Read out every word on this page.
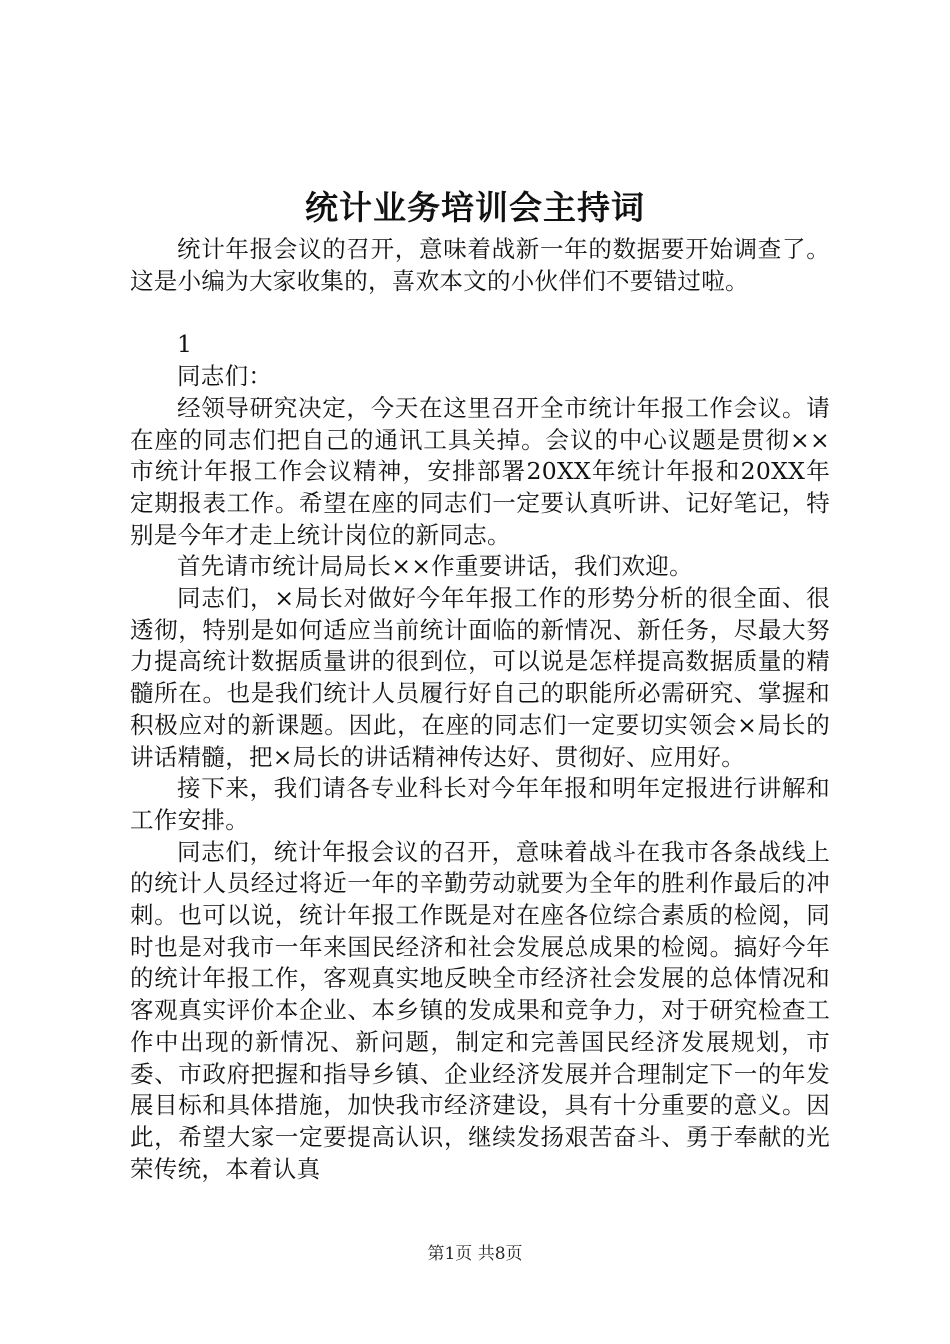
统计业务培训会主持词

统计年报会议的召开，意味着战新一年的数据要开始调查了。这是小编为大家收集的，喜欢本文的小伙伴们不要错过啦。

1

同志们：

经领导研究决定，今天在这里召开全市统计年报工作会议。请在座的同志们把自己的通讯工具关掉。会议的中心议题是贯彻××市统计年报工作会议精神，安排部署20XX年统计年报和20XX年定期报表工作。希望在座的同志们一定要认真听讲、记好笔记，特别是今年才走上统计岗位的新同志。

首先请市统计局局长××作重要讲话，我们欢迎。

同志们，×局长对做好今年年报工作的形势分析的很全面、很透彻，特别是如何适应当前统计面临的新情况、新任务，尽最大努力提高统计数据质量讲的很到位，可以说是怎样提高数据质量的精髓所在。也是我们统计人员履行好自己的职能所必需研究、掌握和积极应对的新课题。因此，在座的同志们一定要切实领会×局长的讲话精髓，把×局长的讲话精神传达好、贯彻好、应用好。

接下来，我们请各专业科长对今年年报和明年定报进行讲解和工作安排。

同志们，统计年报会议的召开，意味着战斗在我市各条战线上的统计人员经过将近一年的辛勤劳动就要为全年的胜利作最后的冲刺。也可以说，统计年报工作既是对在座各位综合素质的检阅，同时也是对我市一年来国民经济和社会发展总成果的检阅。搞好今年的统计年报工作，客观真实地反映全市经济社会发展的总体情况和客观真实评价本企业、本乡镇的发成果和竞争力，对于研究检查工作中出现的新情况、新问题，制定和完善国民经济发展规划，市委、市政府把握和指导乡镇、企业经济发展并合理制定下一的年发展目标和具体措施，加快我市经济建设，具有十分重要的意义。因此，希望大家一定要提高认识，继续发扬艰苦奋斗、勇于奉献的光荣传统，本着认真

第1页 共8页
